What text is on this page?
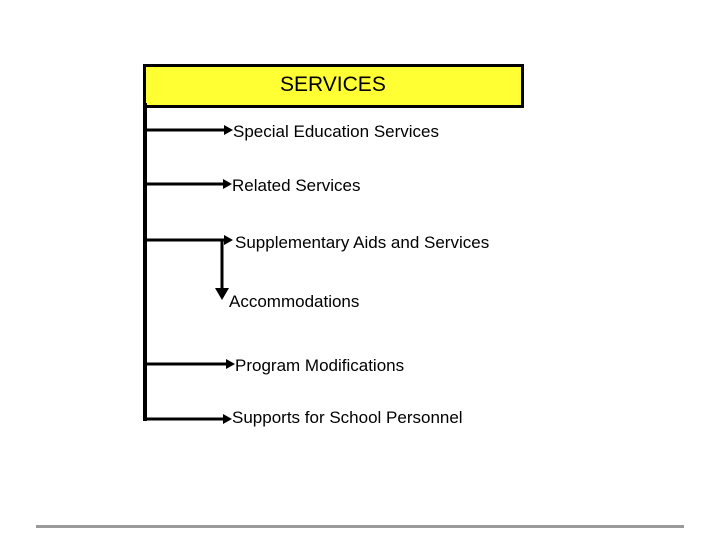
SERVICES
Special Education Services
Related Services
Supplementary Aids and Services
Accommodations
Program Modifications
Supports for School Personnel
